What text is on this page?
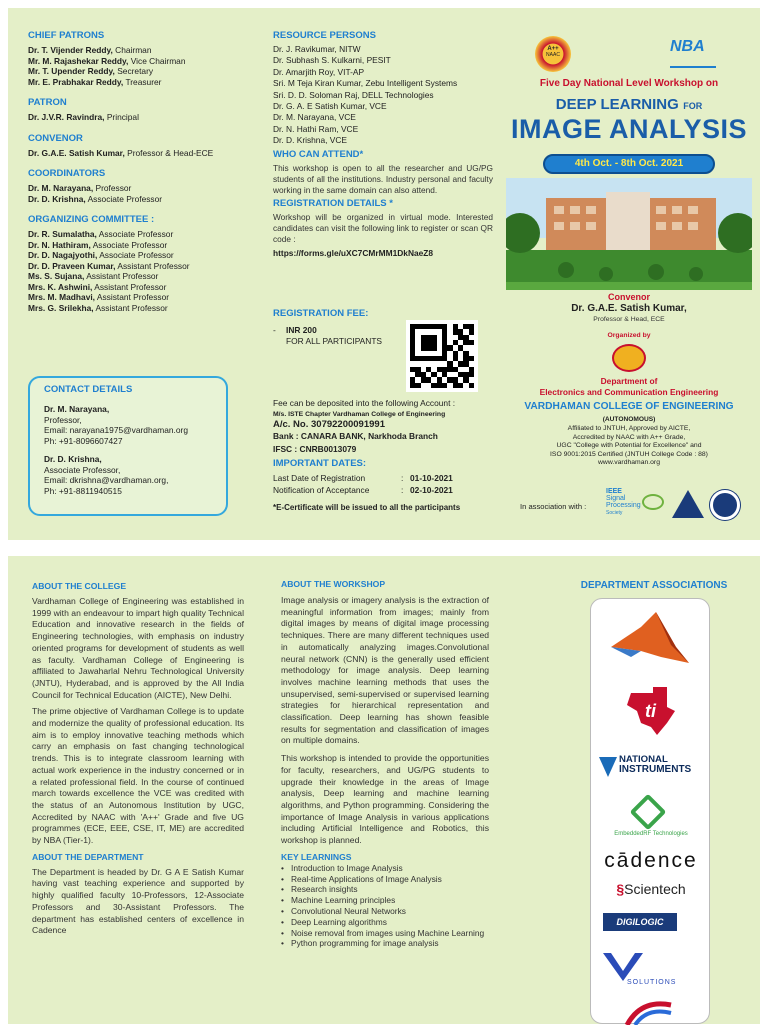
CHIEF PATRONS
Dr. T. Vijender Reddy, Chairman
Mr. M. Rajashekar Reddy, Vice Chairman
Mr. T. Upender Reddy, Secretary
Mr. E. Prabhakar Reddy, Treasurer
PATRON
Dr. J.V.R. Ravindra, Principal
CONVENOR
Dr. G.A.E. Satish Kumar, Professor & Head-ECE
COORDINATORS
Dr. M. Narayana, Professor
Dr. D. Krishna, Associate Professor
ORGANIZING COMMITTEE :
Dr. R. Sumalatha, Associate Professor
Dr. N. Hathiram, Associate Professor
Dr. D. Nagajyothi, Associate Professor
Dr. D. Praveen Kumar, Assistant Professor
Ms. S. Sujana, Assistant Professor
Mrs. K. Ashwini, Assistant Professor
Mrs. M. Madhavi, Assistant Professor
Mrs. G. Srilekha, Assistant Professor
CONTACT DETAILS
Dr. M. Narayana,
Professor,
Email: narayana1975@vardhaman.org
Ph: +91-8096607427
Dr. D. Krishna,
Associate Professor,
Email: dkrishna@vardhaman.org,
Ph: +91-8811940515
RESOURCE PERSONS
Dr. J. Ravikumar, NITW
Dr. Subhash S. Kulkarni, PESIT
Dr. Amarjith Roy, VIT-AP
Sri. M Teja Kiran Kumar, Zebu Intelligent Systems
Sri. D. D. Soloman Raj, DELL Technologies
Dr. G. A. E Satish Kumar, VCE
Dr. M. Narayana, VCE
Dr. N. Hathi Ram, VCE
Dr. D. Krishna, VCE
WHO CAN ATTEND*
This workshop is open to all the researcher and UG/PG students of all the institutions. Industry personal and faculty working in the same domain can also attend.
REGISTRATION DETAILS *
Workshop will be organized in virtual mode. Interested candidates can visit the following link to register or scan QR code :
https://forms.gle/uXC7CMrMM1DkNaeZ8
REGISTRATION FEE:
- INR 200
FOR ALL PARTICIPANTS
Fee can be deposited into the following Account :
M/s. ISTE Chapter Vardhaman College of Engineering
A/c. No. 30792200091991
Bank : CANARA BANK, Narkhoda Branch
IFSC : CNRB0013079
IMPORTANT DATES:
Last Date of Registration	: 01-10-2021
Notification of Acceptance	: 02-10-2021
*E-Certificate will be issued to all the participants
A++
NAAC	NBA
Five Day National Level Workshop on
DEEP LEARNING FOR
IMAGE ANALYSIS
4th Oct. - 8th Oct. 2021
Convenor
Dr. G.A.E. Satish Kumar,
Professor & Head, ECE
Organized by
Department of
Electronics and Communication Engineering
VARDHAMAN COLLEGE OF ENGINEERING
(AUTONOMOUS)
Affiliated to JNTUH, Approved by AICTE,
Accredited by NAAC with A++ Grade,
UGC "College with Potential for Excellence" and
ISO 9001:2015 Certified (JNTUH College Code : 88)
www.vardhaman.org
In association with :
IEEE
Signal
Processing
Society
ABOUT THE COLLEGE
Vardhaman College of Engineering was established in 1999 with an endeavour to impart high quality Technical Education and innovative research in the fields of Engineering technologies, with emphasis on industry oriented programs for development of students as well as faculty. Vardhaman College of Engineering is affiliated to Jawaharlal Nehru Technological University (JNTU), Hyderabad, and is approved by the All India Council for Technical Education (AICTE), New Delhi.
The prime objective of Vardhaman College is to update and modernize the quality of professional education. Its aim is to employ innovative teaching methods which carry an emphasis on fast changing technological trends. This is to integrate classroom learning with actual work experience in the industry concerned or in a related professional field. In the course of continued march towards excellence the VCE was credited with the status of an Autonomous Institution by UGC, Accredited by NAAC with 'A++' Grade and five UG programmes (ECE, EEE, CSE, IT, ME) are accredited by NBA (Tier-1).
ABOUT THE DEPARTMENT
The Department is headed by Dr. G A E Satish Kumar having vast teaching experience and supported by highly qualified faculty 10-Professors, 12-Associate Professors and 30-Assistant Professors. The department has established centers of excellence in Cadence
ABOUT THE WORKSHOP
Image analysis or imagery analysis is the extraction of meaningful information from images; mainly from digital images by means of digital image processing techniques. There are many different techniques used in automatically analyzing images.Convolutional neural network (CNN) is the generally used efficient methodology for image analysis. Deep learning involves machine learning methods that uses the unsupervised, semi-supervised or supervised learning strategies for hierarchical representation and classification. Deep learning has shown feasible results for segmentation and classification of images on multiple domains.
This workshop is intended to provide the opportunities for faculty, researchers, and UG/PG students to upgrade their knowledge in the areas of Image analysis, Deep learning and machine learning algorithms, and Python programming. Considering the importance of Image Analysis in various applications including Artificial Intelligence and Robotics, this workshop is planned.
KEY LEARNINGS
• Introduction to Image Analysis
• Real-time Applications of Image Analysis
• Research insights
• Machine Learning principles
• Convolutional Neural Networks
• Deep Learning algorithms
• Noise removal from images using Machine Learning
• Python programming for image analysis
DEPARTMENT ASSOCIATIONS
ti
NATIONAL
INSTRUMENTS
EmbeddedRF Technologies
cādence
§Scientech
DIGILOGIC
SOLUTIONS
